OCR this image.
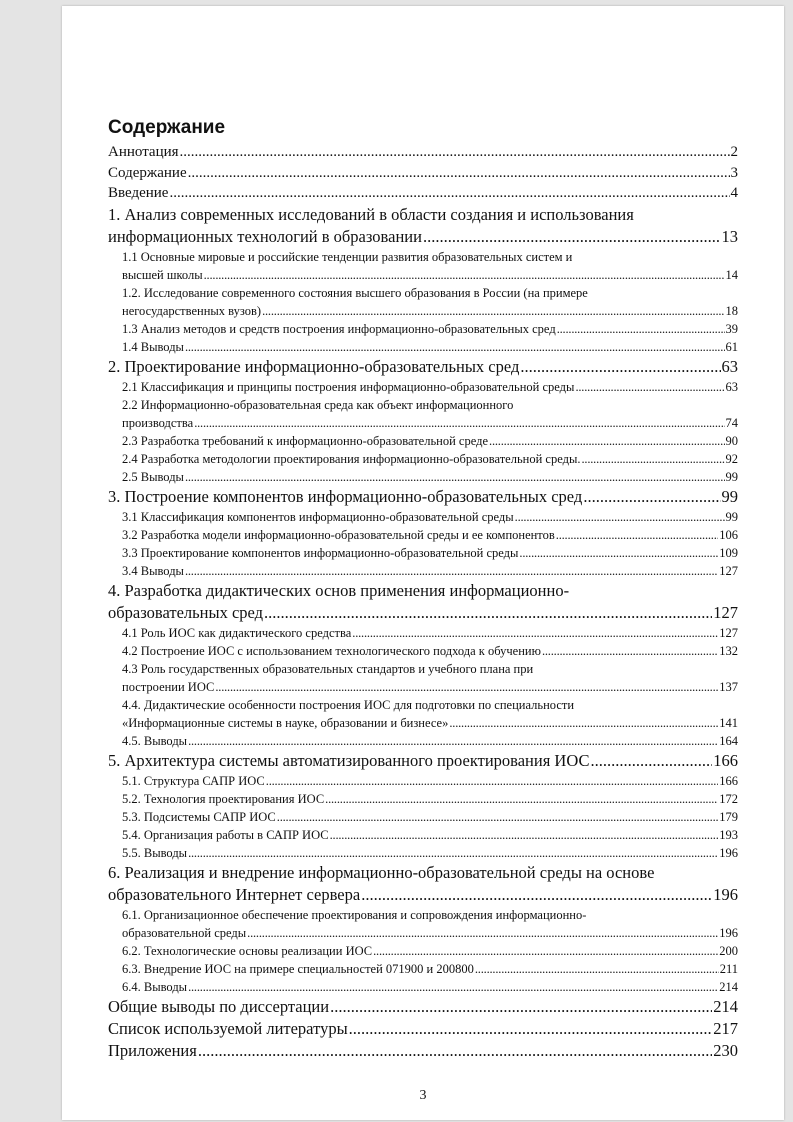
Содержание
Аннотация .....	2
Содержание .....	3
Введение .....	4
1. Анализ современных исследований в области создания и использования
информационных технологий в образовании .....	13
1.1 Основные мировые и российские тенденции развития образовательных систем и
высшей школы .....	14
1.2. Исследование современного состояния высшего образования в России (на примере
негосударственных вузов) .....	18
1.3 Анализ методов и средств построения информационно-образовательных сред .....	39
1.4 Выводы .....	61
2. Проектирование информационно-образовательных сред .....	63
2.1 Классификация и принципы построения информационно-образовательной среды .....	63
2.2 Информационно-образовательная среда как объект информационного
производства .....	74
2.3 Разработка требований к информационно-образовательной среде .....	90
2.4 Разработка методологии проектирования информационно-образовательной среды. .....	92
2.5 Выводы .....	99
3. Построение компонентов информационно-образовательных сред .....	99
3.1 Классификация компонентов информационно-образовательной среды .....	99
3.2 Разработка модели информационно-образовательной среды и ее компонентов .....	106
3.3 Проектирование компонентов информационно-образовательной среды .....	109
3.4 Выводы .....	127
4. Разработка дидактических основ применения информационно-
образовательных сред .....	127
4.1 Роль ИОС как дидактического средства .....	127
4.2 Построение ИОС с использованием технологического подхода к обучению .....	132
4.3 Роль государственных образовательных стандартов и учебного плана при
построении ИОС .....	137
4.4. Дидактические особенности построения ИОС для подготовки по специальности
«Информационные системы в науке, образовании и бизнесе» .....	141
4.5. Выводы .....	164
5. Архитектура системы автоматизированного проектирования ИОС .....	166
5.1. Структура САПР ИОС .....	166
5.2. Технология проектирования ИОС .....	172
5.3. Подсистемы САПР ИОС .....	179
5.4. Организация работы в САПР ИОС .....	193
5.5. Выводы .....	196
6. Реализация и внедрение информационно-образовательной среды на основе
образовательного Интернет сервера .....	196
6.1. Организационное обеспечение проектирования и сопровождения информационно-
образовательной среды .....	196
6.2. Технологические основы реализации ИОС .....	200
6.3. Внедрение ИОС на примере специальностей 071900 и 200800 .....	211
6.4. Выводы .....	214
Общие выводы по диссертации .....	214
Список используемой литературы .....	217
Приложения .....	230
3
